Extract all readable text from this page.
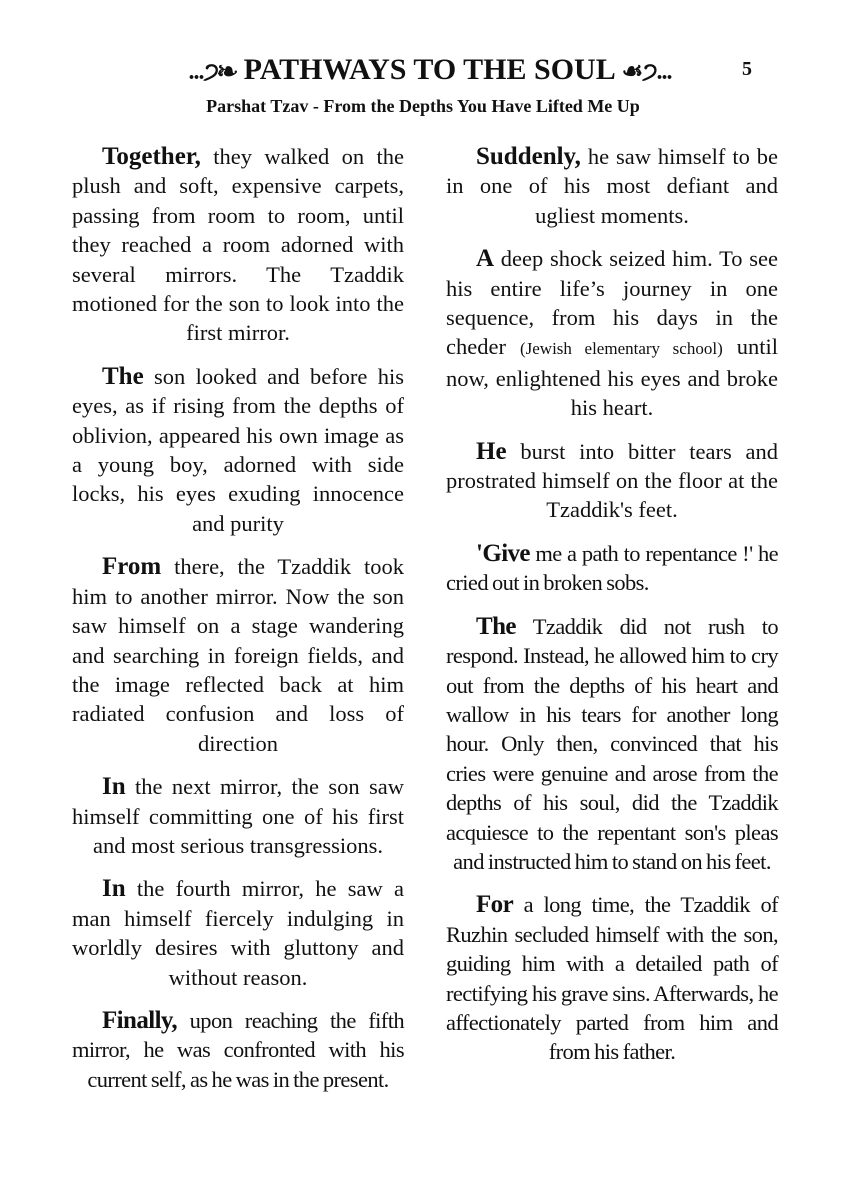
...੭❧ PATHWAYS TO THE SOUL ☙੭...	5
Parshat Tzav - From the Depths You Have Lifted Me Up

Together, they walked on the plush and soft, expensive carpets, passing from room to room, until they reached a room adorned with several mirrors. The Tzaddik motioned for the son to look into the first mirror.

The son looked and before his eyes, as if rising from the depths of oblivion, appeared his own image as a young boy, adorned with side locks, his eyes exuding innocence and purity

From there, the Tzaddik took him to another mirror. Now the son saw himself on a stage wandering and searching in foreign fields, and the image reflected back at him radiated confusion and loss of direction

In the next mirror, the son saw himself committing one of his first and most serious transgressions.

In the fourth mirror, he saw a man himself fiercely indulging in worldly desires with gluttony and without reason.

Finally, upon reaching the fifth mirror, he was confronted with his current self, as he was in the present.

Suddenly, he saw himself to be in one of his most defiant and ugliest moments.

A deep shock seized him. To see his entire life’s journey in one sequence, from his days in the cheder (Jewish elementary school) until now, enlightened his eyes and broke his heart.

He burst into bitter tears and prostrated himself on the floor at the Tzaddik's feet.

'Give me a path to repentance !' he cried out in broken sobs.

The Tzaddik did not rush to respond. Instead, he allowed him to cry out from the depths of his heart and wallow in his tears for another long hour. Only then, convinced that his cries were genuine and arose from the depths of his soul, did the Tzaddik acquiesce to the repentant son's pleas and instructed him to stand on his feet.

For a long time, the Tzaddik of Ruzhin secluded himself with the son, guiding him with a detailed path of rectifying his grave sins. Afterwards, he affectionately parted from him and from his father.
